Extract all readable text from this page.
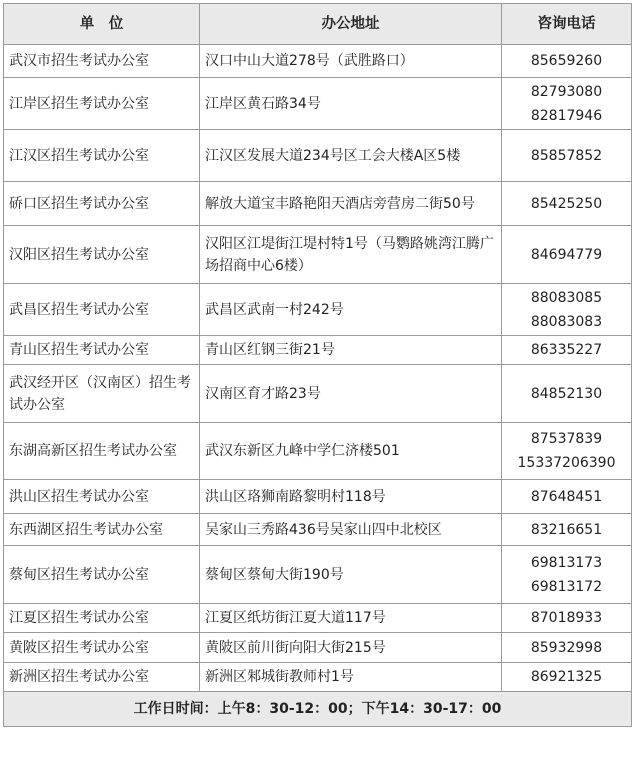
单　位	办公地址	咨询电话
武汉市招生考试办公室	汉口中山大道278号（武胜路口）	85659260

江岸区招生考试办公室	江岸区黄石路34号	82793080
82817946

江汉区招生考试办公室	江汉区发展大道234号区工会大楼A区5楼	85857852

硚口区招生考试办公室	解放大道宝丰路艳阳天酒店旁营房二街50号	85425250

汉阳区招生考试办公室	汉阳区江堤街江堤村特1号（马鹦路姚湾江腾广场招商中心6楼）	84694779

武昌区招生考试办公室	武昌区武南一村242号	88083085
88083083

青山区招生考试办公室	青山区红钢三街21号	86335227

武汉经开区（汉南区）招生考试办公室	汉南区育才路23号	84852130

东湖高新区招生考试办公室	武汉东新区九峰中学仁济楼501	87537839
15337206390

洪山区招生考试办公室	洪山区珞狮南路黎明村118号	87648451

东西湖区招生考试办公室	吴家山三秀路436号吴家山四中北校区	83216651

蔡甸区招生考试办公室	蔡甸区蔡甸大街190号	69813173
69813172

江夏区招生考试办公室	江夏区纸坊街江夏大道117号	87018933

黄陂区招生考试办公室	黄陂区前川街向阳大街215号	85932998

新洲区招生考试办公室	新洲区邾城街教师村1号	86921325

工作日时间：上午8：30-12：00；下午14：30-17：00		
